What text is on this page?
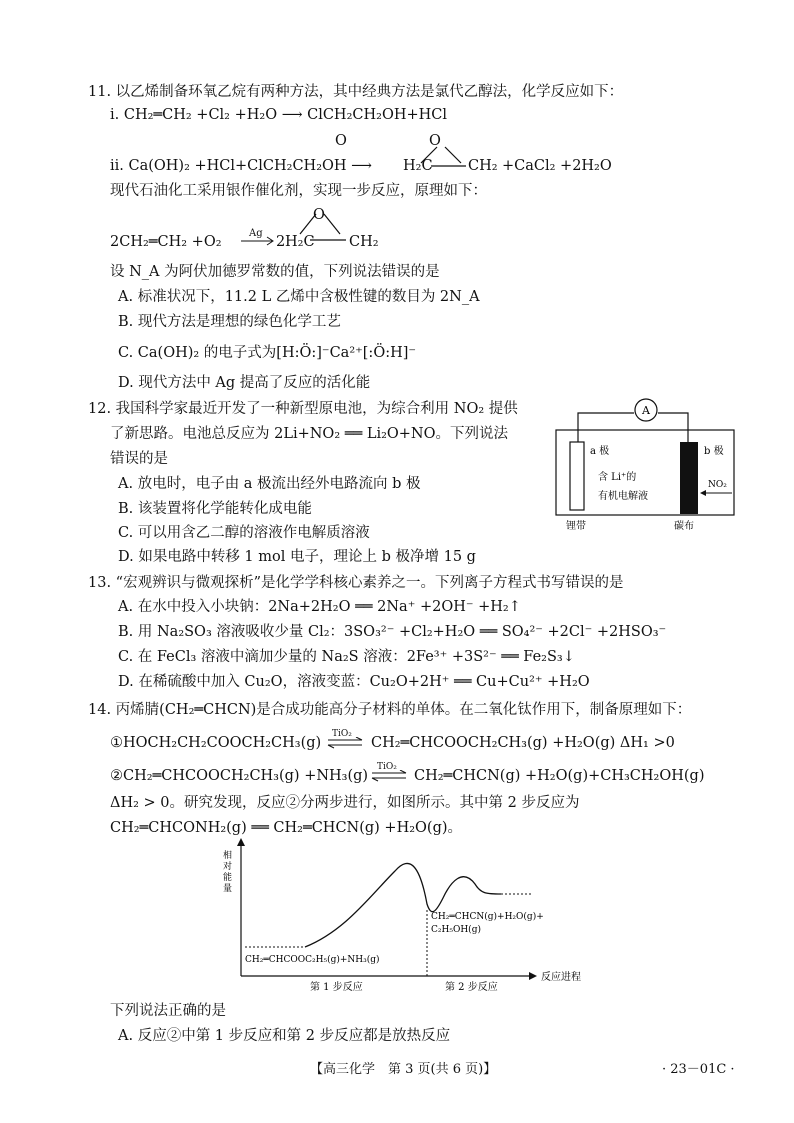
11. 以乙烯制备环氧乙烷有两种方法，其中经典方法是氯代乙醇法，化学反应如下：
ⅰ. CH₂═CH₂ +Cl₂ +H₂O ⟶ ClCH₂CH₂OH+HCl
ⅱ. Ca(OH)₂ +HCl+ClCH₂CH₂OH ⟶
O	O
H₂C CH₂ +CaCl₂ +2H₂O
现代石油化工采用银作催化剂，实现一步反应，原理如下：
2CH₂═CH₂ +O₂
Ag
2
O
H₂C CH₂
设 N_A 为阿伏加德罗常数的值，下列说法错误的是
A. 标准状况下，11.2 L 乙烯中含极性键的数目为 2N_A
B. 现代方法是理想的绿色化学工艺
C. Ca(OH)₂ 的电子式为[H:Ö:]⁻Ca²⁺[:Ö:H]⁻
D. 现代方法中 Ag 提高了反应的活化能
12. 我国科学家最近开发了一种新型原电池，为综合利用 NO₂ 提供
了新思路。电池总反应为 2Li+NO₂ ══ Li₂O+NO。下列说法
错误的是
A. 放电时，电子由 a 极流出经外电路流向 b 极
B. 该装置将化学能转化成电能
C. 可以用含乙二醇的溶液作电解质溶液
D. 如果电路中转移 1 mol 电子，理论上 b 极净增 15 g
A
a 极	b 极
含 Li⁺的
有机电解液
NO₂
锂带	碳布
13. “宏观辨识与微观探析”是化学学科核心素养之一。下列离子方程式书写错误的是
A. 在水中投入小块钠：2Na+2H₂O ══ 2Na⁺ +2OH⁻ +H₂↑
B. 用 Na₂SO₃ 溶液吸收少量 Cl₂：3SO₃²⁻ +Cl₂+H₂O ══ SO₄²⁻ +2Cl⁻ +2HSO₃⁻
C. 在 FeCl₃ 溶液中滴加少量的 Na₂S 溶液：2Fe³⁺ +3S²⁻ ══ Fe₂S₃↓
D. 在稀硫酸中加入 Cu₂O，溶液变蓝：Cu₂O+2H⁺ ══ Cu+Cu²⁺ +H₂O
14. 丙烯腈(CH₂═CHCN)是合成功能高分子材料的单体。在二氧化钛作用下，制备原理如下：
①HOCH₂CH₂COOCH₂CH₃(g)
TiO₂
CH₂═CHCOOCH₂CH₃(g) +H₂O(g) ΔH₁ >0
②CH₂═CHCOOCH₂CH₃(g) +NH₃(g)
TiO₂
CH₂═CHCN(g) +H₂O(g)+CH₃CH₂OH(g)
ΔH₂ > 0。研究发现，反应②分两步进行，如图所示。其中第 2 步反应为
CH₂═CHCONH₂(g) ══ CH₂═CHCN(g) +H₂O(g)。
相
对
能
量
CH₂═CHCOOC₂H₅(g)+NH₃(g)
CH₂═CHCN(g)+H₂O(g)+
C₂H₅OH(g)
反应进程
第 1 步反应	第 2 步反应
下列说法正确的是
A. 反应②中第 1 步反应和第 2 步反应都是放热反应
【高三化学　第 3 页(共 6 页)】	· 23－01C ·
